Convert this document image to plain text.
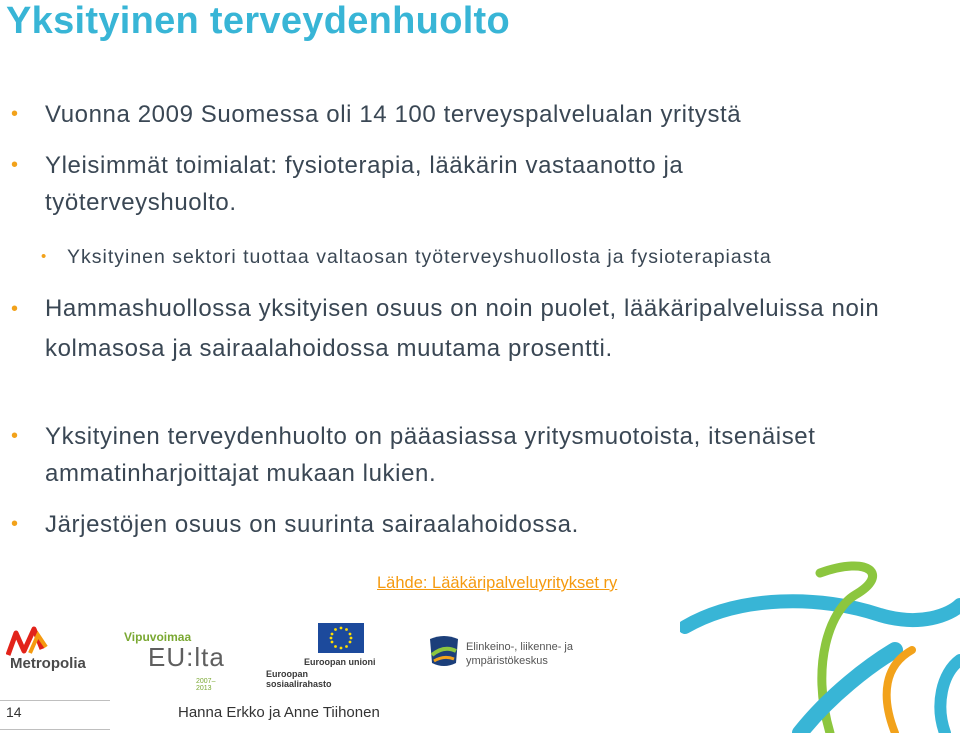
Yksityinen terveydenhuolto
• Vuonna 2009 Suomessa oli 14 100 terveyspalvelualan yritystä
• Yleisimmät toimialat: fysioterapia, lääkärin vastaanotto ja työterveyshuolto.
• Yksityinen sektori tuottaa valtaosan työterveyshuollosta ja fysioterapiasta
• Hammashuollossa yksityisen osuus on noin puolet, lääkäripalveluissa noin kolmasosa ja sairaalahoidossa muutama prosentti.
• Yksityinen terveydenhuolto on pääasiassa yritysmuotoista, itsenäiset ammatinharjoittajat mukaan lukien.
• Järjestöjen osuus on suurinta sairaalahoidossa.
Lähde: Lääkäripalveluyritykset ry
Metropolia
Vipuvoimaa
EU:lta
2007–2013
Euroopan unioni
Euroopan sosiaalirahasto
Elinkeino-, liikenne- ja
ympäristökeskus
14	Hanna Erkko ja Anne Tiihonen
